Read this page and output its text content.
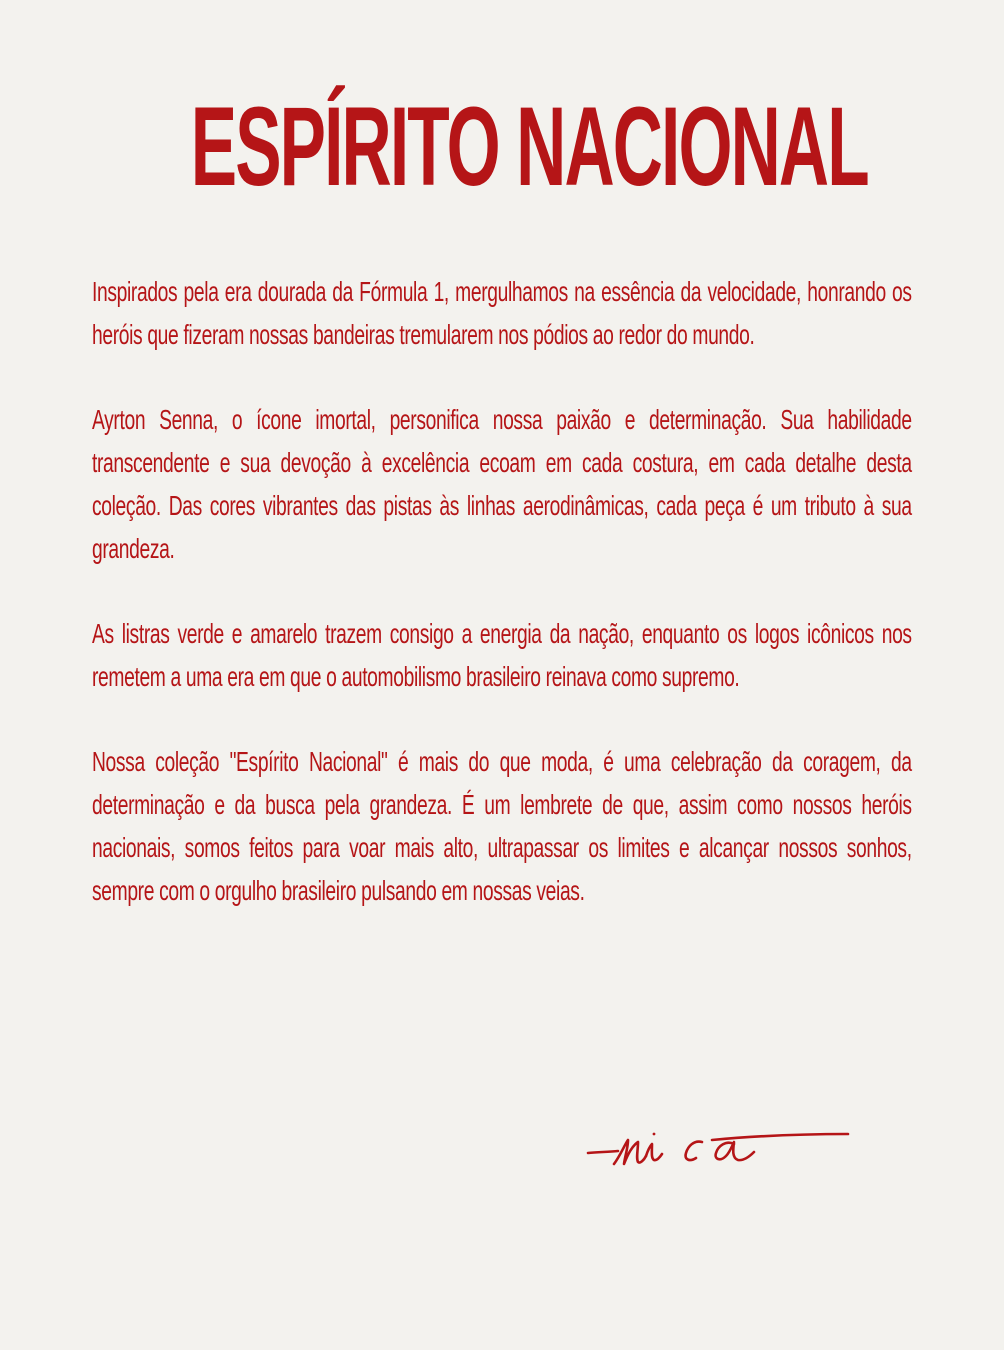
ESPÍRITO NACIONAL

Inspirados pela era dourada da Fórmula 1, mergulhamos na essência da velocidade, honrando os heróis que fizeram nossas bandeiras tremularem nos pódios ao redor do mundo.

Ayrton Senna, o ícone imortal, personifica nossa paixão e determinação. Sua habilidade transcendente e sua devoção à excelência ecoam em cada costura, em cada detalhe desta coleção. Das cores vibrantes das pistas às linhas aerodinâmicas, cada peça é um tributo à sua grandeza.

As listras verde e amarelo trazem consigo a energia da nação, enquanto os logos icônicos nos remetem a uma era em que o automobilismo brasileiro reinava como supremo.

Nossa coleção "Espírito Nacional" é mais do que moda, é uma celebração da coragem, da determinação e da busca pela grandeza. É um lembrete de que, assim como nossos heróis nacionais, somos feitos para voar mais alto, ultrapassar os limites e alcançar nossos sonhos, sempre com o orgulho brasileiro pulsando em nossas veias.
